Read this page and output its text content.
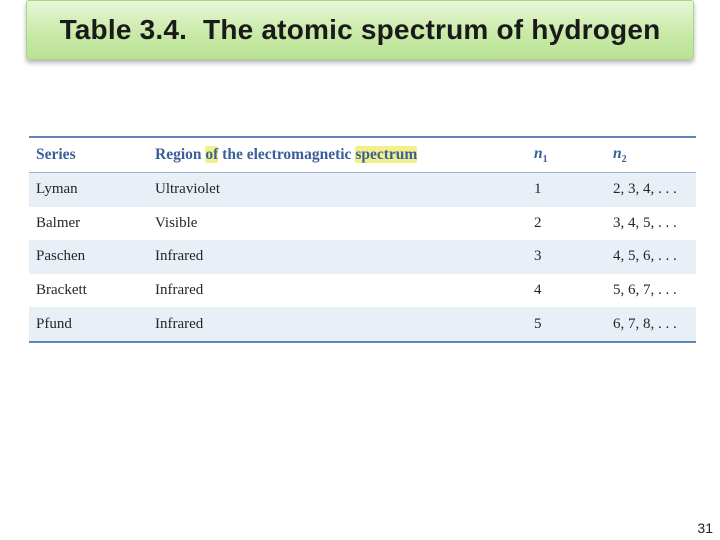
Table 3.4.  The atomic spectrum of hydrogen
Series	Region of the electromagnetic spectrum	$n_1$	$n_2$
Lyman	Ultraviolet	1	2, 3, 4, . . .
Balmer	Visible	2	3, 4, 5, . . .
Paschen	Infrared	3	4, 5, 6, . . .
Brackett	Infrared	4	5, 6, 7, . . .
Pfund	Infrared	5	6, 7, 8, . . .
31
